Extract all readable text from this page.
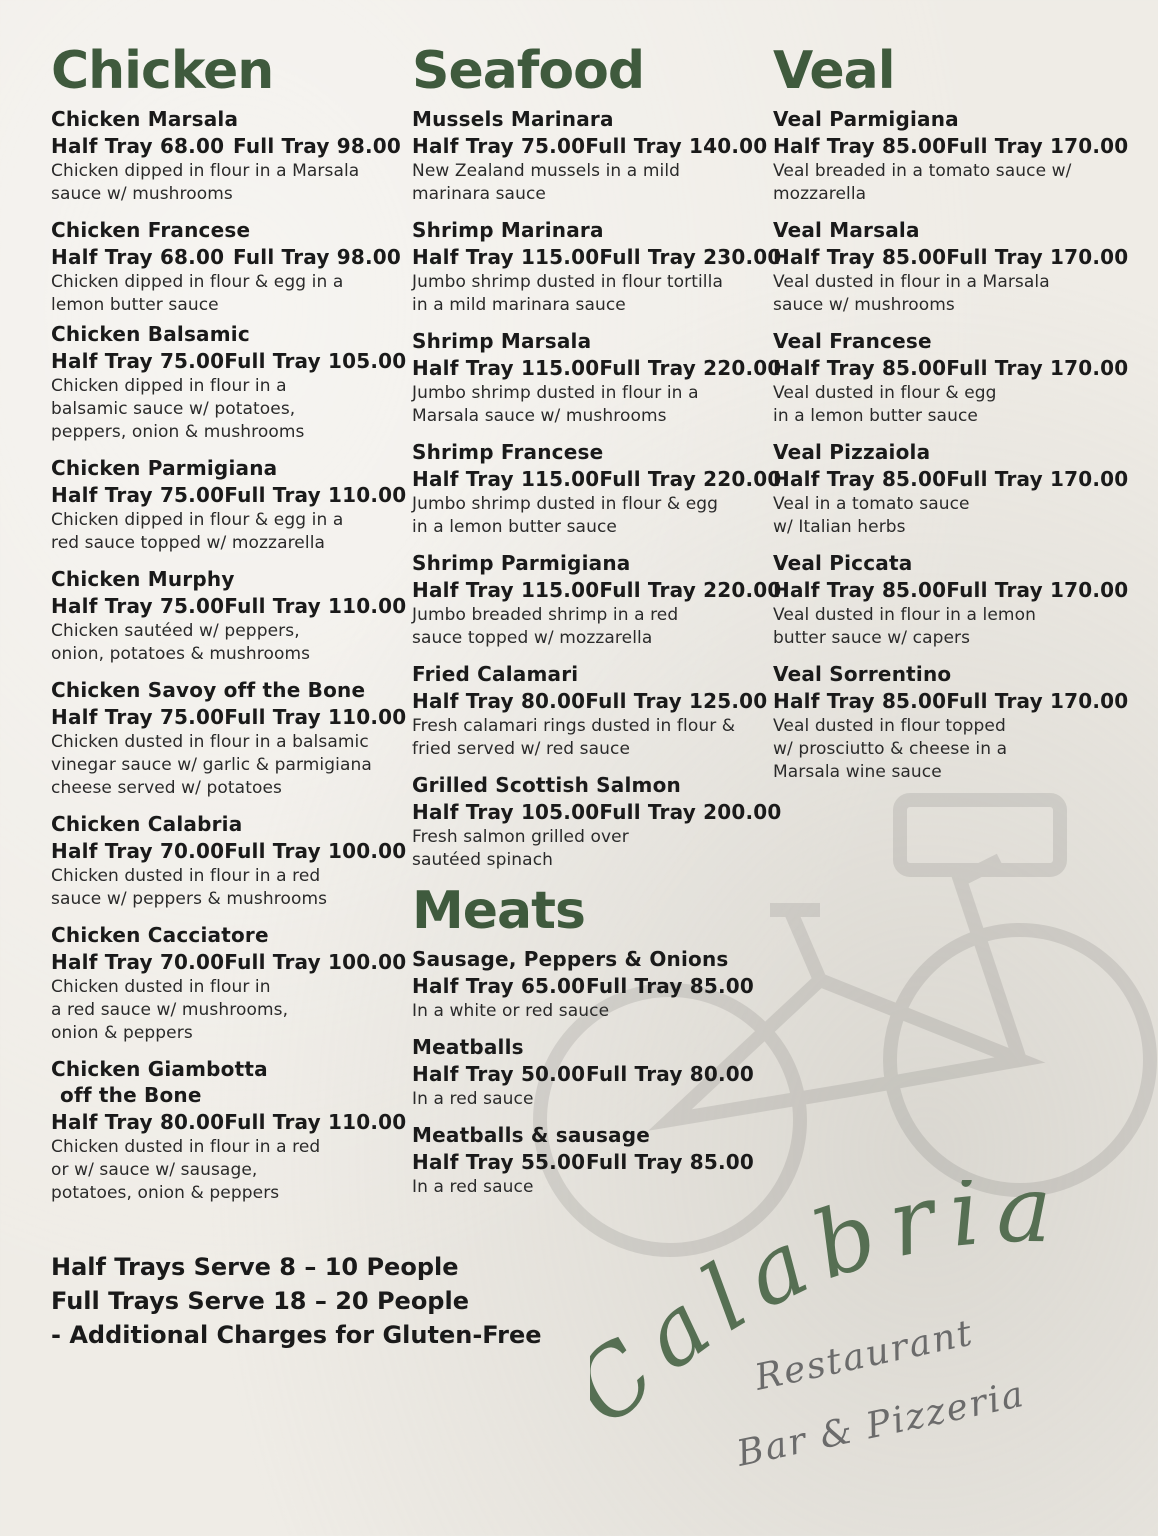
Chicken
Chicken Marsala
Half Tray 68.00 Full Tray 98.00
Chicken dipped in flour in a Marsala
sauce w/ mushrooms
Chicken Francese
Half Tray 68.00 Full Tray 98.00
Chicken dipped in flour & egg in a
lemon butter sauce
Chicken Balsamic
Half Tray 75.00 Full Tray 105.00
Chicken dipped in flour in a
balsamic sauce w/ potatoes,
peppers, onion & mushrooms
Chicken Parmigiana
Half Tray 75.00 Full Tray 110.00
Chicken dipped in flour & egg in a
red sauce topped w/ mozzarella
Chicken Murphy
Half Tray 75.00 Full Tray 110.00
Chicken sautéed w/ peppers,
onion, potatoes & mushrooms
Chicken Savoy off the Bone
Half Tray 75.00 Full Tray 110.00
Chicken dusted in flour in a balsamic
vinegar sauce w/ garlic & parmigiana
cheese served w/ potatoes
Chicken Calabria
Half Tray 70.00 Full Tray 100.00
Chicken dusted in flour in a red
sauce w/ peppers & mushrooms
Chicken Cacciatore
Half Tray 70.00 Full Tray 100.00
Chicken dusted in flour in
a red sauce w/ mushrooms,
onion & peppers
Chicken Giambotta
off the Bone
Half Tray 80.00 Full Tray 110.00
Chicken dusted in flour in a red
or w/ sauce w/ sausage,
potatoes, onion & peppers
Seafood
Mussels Marinara
Half Tray 75.00 Full Tray 140.00
New Zealand mussels in a mild
marinara sauce
Shrimp Marinara
Half Tray 115.00 Full Tray 230.00
Jumbo shrimp dusted in flour tortilla
in a mild marinara sauce
Shrimp Marsala
Half Tray 115.00 Full Tray 220.00
Jumbo shrimp dusted in flour in a
Marsala sauce w/ mushrooms
Shrimp Francese
Half Tray 115.00 Full Tray 220.00
Jumbo shrimp dusted in flour & egg
in a lemon butter sauce
Shrimp Parmigiana
Half Tray 115.00 Full Tray 220.00
Jumbo breaded shrimp in a red
sauce topped w/ mozzarella
Fried Calamari
Half Tray 80.00 Full Tray 125.00
Fresh calamari rings dusted in flour &
fried served w/ red sauce
Grilled Scottish Salmon
Half Tray 105.00 Full Tray 200.00
Fresh salmon grilled over
sautéed spinach
Meats
Sausage, Peppers & Onions
Half Tray 65.00 Full Tray 85.00
In a white or red sauce
Meatballs
Half Tray 50.00 Full Tray 80.00
In a red sauce
Meatballs & sausage
Half Tray 55.00 Full Tray 85.00
In a red sauce
Veal
Veal Parmigiana
Half Tray 85.00 Full Tray 170.00
Veal breaded in a tomato sauce w/
mozzarella
Veal Marsala
Half Tray 85.00 Full Tray 170.00
Veal dusted in flour in a Marsala
sauce w/ mushrooms
Veal Francese
Half Tray 85.00 Full Tray 170.00
Veal dusted in flour & egg
in a lemon butter sauce
Veal Pizzaiola
Half Tray 85.00 Full Tray 170.00
Veal in a tomato sauce
w/ Italian herbs
Veal Piccata
Half Tray 85.00 Full Tray 170.00
Veal dusted in flour in a lemon
butter sauce w/ capers
Veal Sorrentino
Half Tray 85.00 Full Tray 170.00
Veal dusted in flour topped
w/ prosciutto & cheese in a
Marsala wine sauce
Half Trays Serve 8 – 10 People
Full Trays Serve 18 – 20 People
- Additional Charges for Gluten-Free alabria
Restaurant
Bar & Pizzeria
